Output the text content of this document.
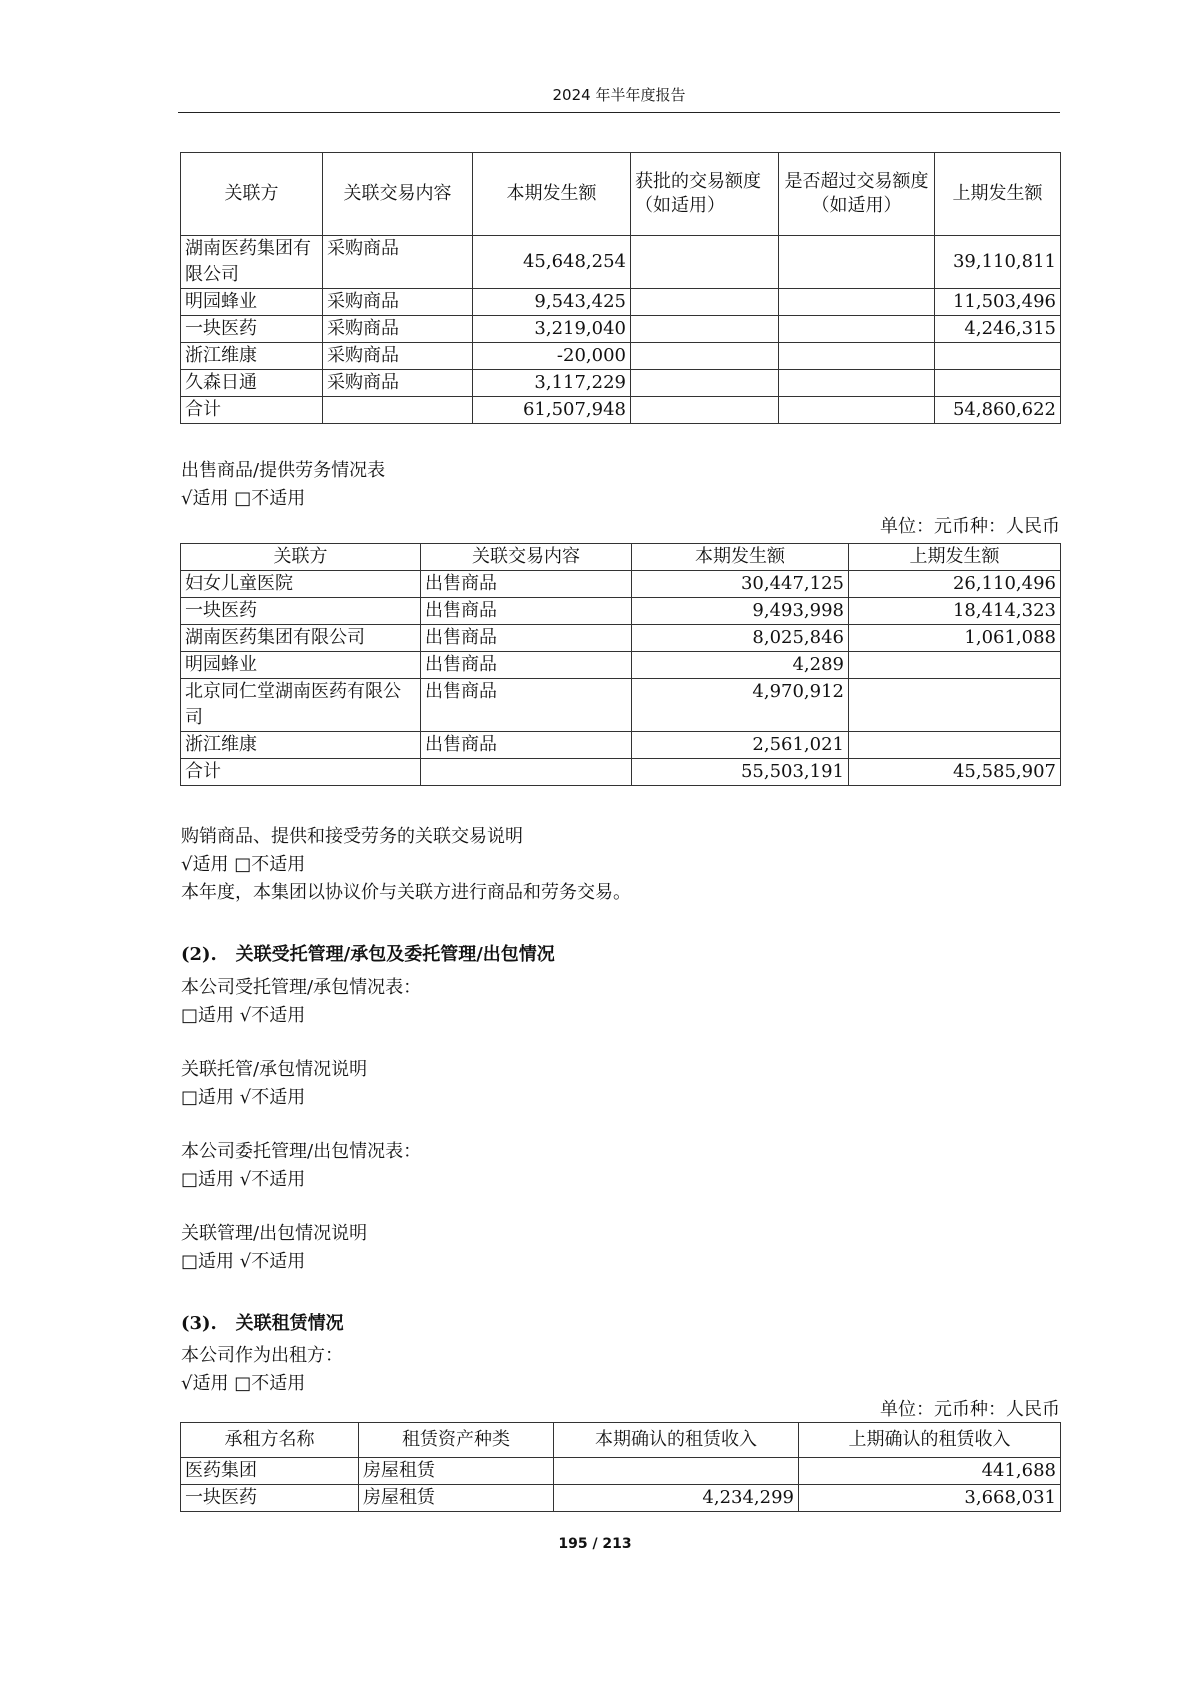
2024 年半年度报告
关联方	关联交易内容	本期发生额	获批的交易额度（如适用）	是否超过交易额度（如适用）	上期发生额
湖南医药集团有限公司	采购商品	45,648,254			39,110,811
明园蜂业	采购商品	9,543,425			11,503,496
一块医药	采购商品	3,219,040			4,246,315
浙江维康	采购商品	-20,000			
久森日通	采购商品	3,117,229			
合计		61,507,948			54,860,622
出售商品/提供劳务情况表
√适用 □不适用
单位：元币种：人民币
关联方	关联交易内容	本期发生额	上期发生额
妇女儿童医院	出售商品	30,447,125	26,110,496
一块医药	出售商品	9,493,998	18,414,323
湖南医药集团有限公司	出售商品	8,025,846	1,061,088
明园蜂业	出售商品	4,289	
北京同仁堂湖南医药有限公司	出售商品	4,970,912	
浙江维康	出售商品	2,561,021	
合计		55,503,191	45,585,907
购销商品、提供和接受劳务的关联交易说明
√适用 □不适用
本年度，本集团以协议价与关联方进行商品和劳务交易。
(2).   关联受托管理/承包及委托管理/出包情况
本公司受托管理/承包情况表：
□适用 √不适用
关联托管/承包情况说明
□适用 √不适用
本公司委托管理/出包情况表：
□适用 √不适用
关联管理/出包情况说明
□适用 √不适用
(3).   关联租赁情况
本公司作为出租方：
√适用 □不适用
单位：元币种：人民币
承租方名称	租赁资产种类	本期确认的租赁收入	上期确认的租赁收入
医药集团	房屋租赁		441,688
一块医药	房屋租赁	4,234,299	3,668,031
195 / 213
